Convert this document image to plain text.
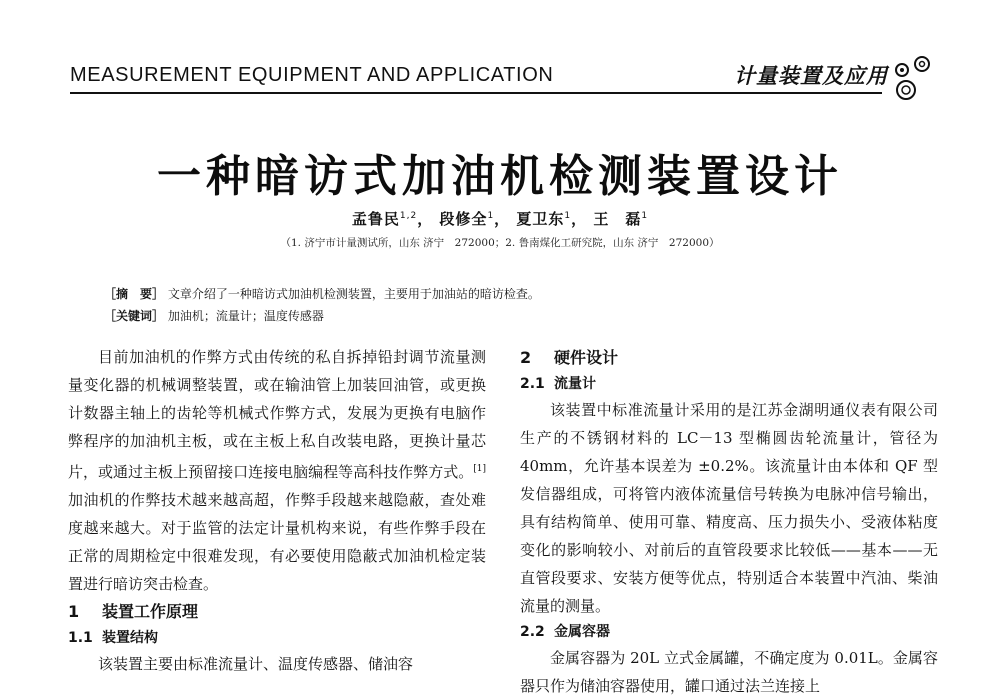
MEASUREMENT EQUIPMENT AND APPLICATION	计量装置及应用
一种暗访式加油机检测装置设计
孟鲁民$^{1,2}$， 段修全$^1$， 夏卫东$^1$， 王　磊$^1$
（1. 济宁市计量测试所，山东 济宁　272000；2. 鲁南煤化工研究院，山东 济宁　272000）
［摘　要］ 文章介绍了一种暗访式加油机检测装置，主要用于加油站的暗访检查。
［关键词］ 加油机；流量计；温度传感器

目前加油机的作弊方式由传统的私自拆掉铅封调节流量测量变化器的机械调整装置，或在输油管上加装回油管，或更换计数器主轴上的齿轮等机械式作弊方式，发展为更换有电脑作弊程序的加油机主板，或在主板上私自改装电路，更换计量芯片，或通过主板上预留接口连接电脑编程等高科技作弊方式。[1]加油机的作弊技术越来越高超，作弊手段越来越隐蔽，查处难度越来越大。对于监管的法定计量机构来说，有些作弊手段在正常的周期检定中很难发现，有必要使用隐蔽式加油机检定装置进行暗访突击检查。

1 装置工作原理

1.1 装置结构

该装置主要由标准流量计、温度传感器、储油容

2 硬件设计

2.1 流量计

该装置中标准流量计采用的是江苏金湖明通仪表有限公司生产的不锈钢材料的 LC－13 型椭圆齿轮流量计，管径为 40mm，允许基本误差为 ±0.2%。该流量计由本体和 QF 型发信器组成，可将管内液体流量信号转换为电脉冲信号输出，具有结构简单、使用可靠、精度高、压力损失小、受液体粘度变化的影响较小、对前后的直管段要求比较低——基本——无直管段要求、安装方便等优点，特别适合本装置中汽油、柴油流量的测量。

2.2 金属容器

金属容器为 20L 立式金属罐，不确定度为 0.01L。金属容器只作为储油容器使用，罐口通过法兰连接上
